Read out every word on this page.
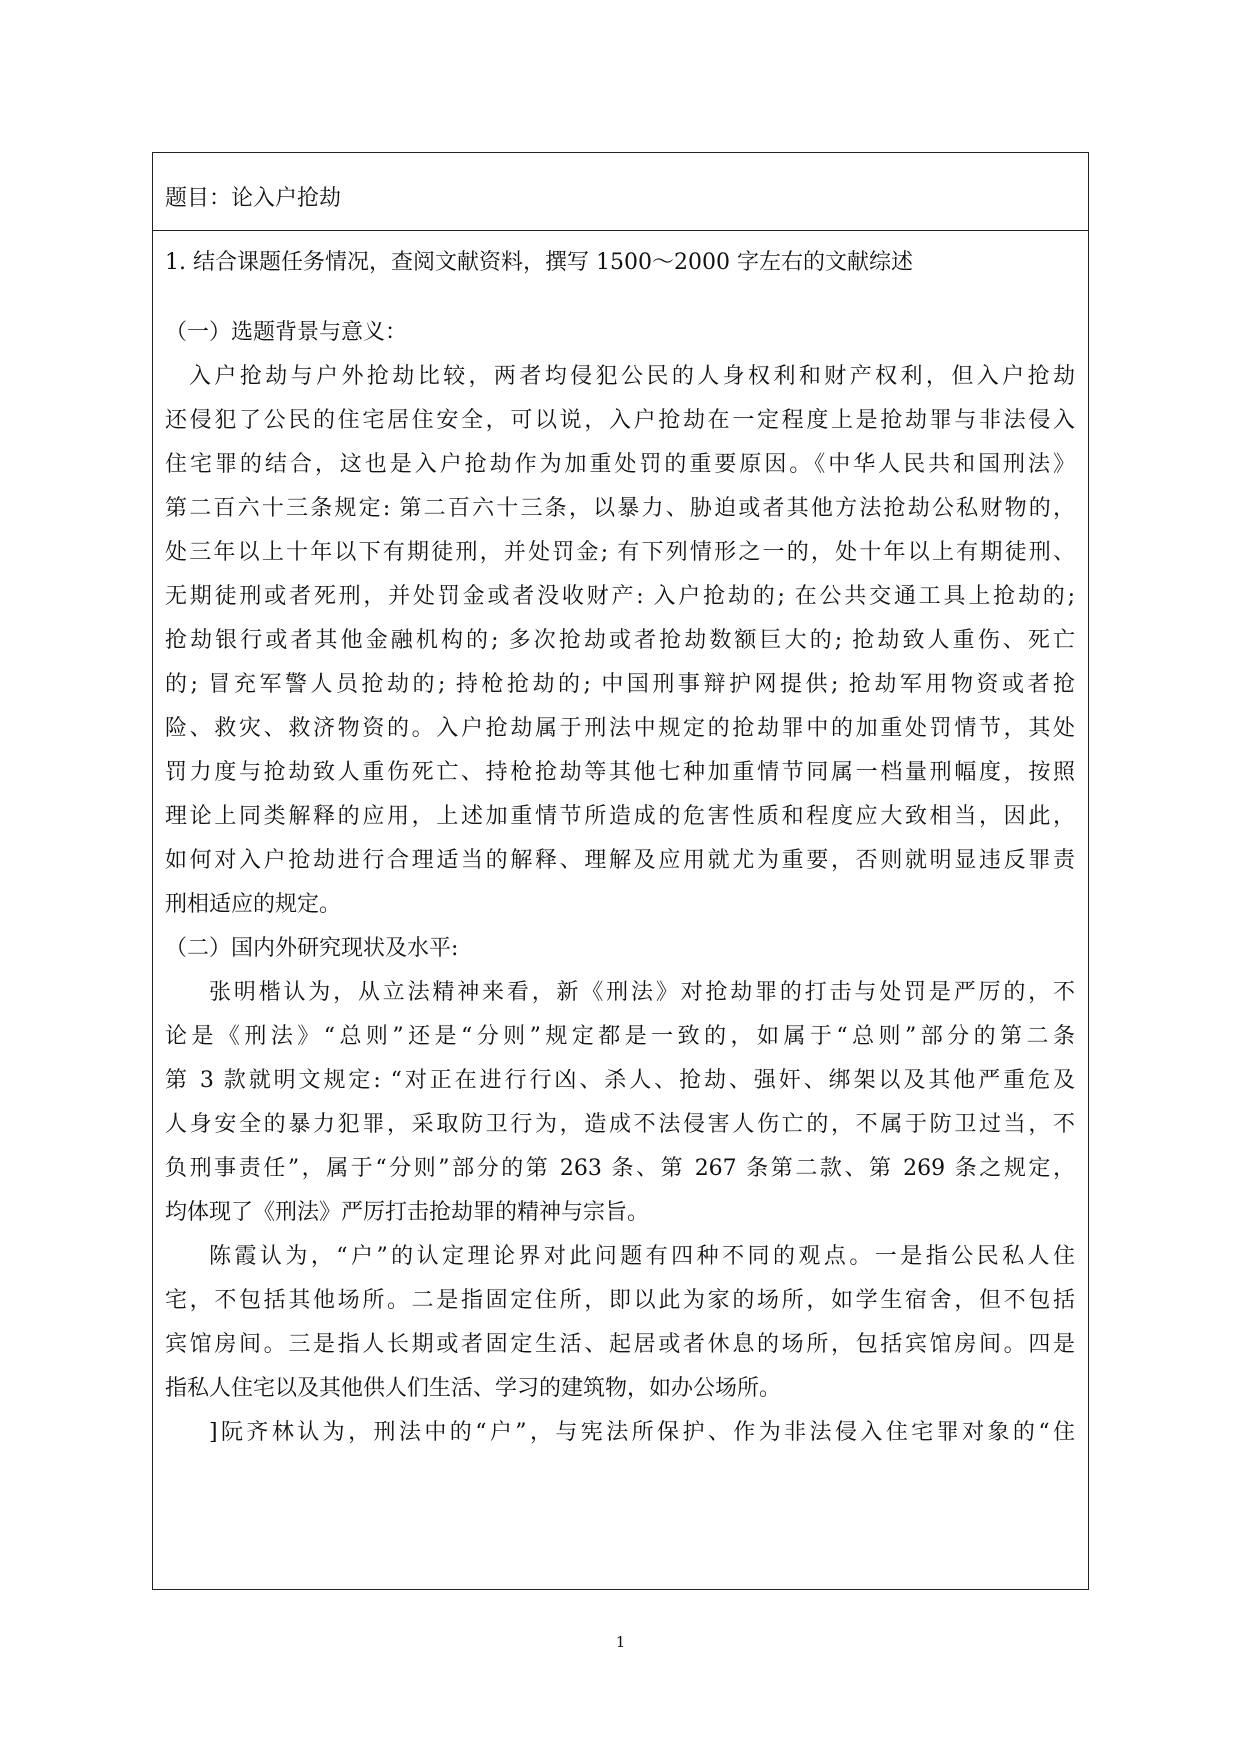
题目：论入户抢劫
1. 结合课题任务情况，查阅文献资料，撰写 1500～2000 字左右的文献综述
（一）选题背景与意义：
入户抢劫与户外抢劫比较，两者均侵犯公民的人身权利和财产权利，但入户抢劫
还侵犯了公民的住宅居住安全，可以说，入户抢劫在一定程度上是抢劫罪与非法侵入
住宅罪的结合，这也是入户抢劫作为加重处罚的重要原因。《中华人民共和国刑法》
第二百六十三条规定: 第二百六十三条，以暴力、胁迫或者其他方法抢劫公私财物的，
处三年以上十年以下有期徒刑，并处罚金; 有下列情形之一的，处十年以上有期徒刑、
无期徒刑或者死刑，并处罚金或者没收财产: 入户抢劫的; 在公共交通工具上抢劫的;
抢劫银行或者其他金融机构的; 多次抢劫或者抢劫数额巨大的; 抢劫致人重伤、死亡
的; 冒充军警人员抢劫的; 持枪抢劫的; 中国刑事辩护网提供; 抢劫军用物资或者抢
险、救灾、救济物资的。入户抢劫属于刑法中规定的抢劫罪中的加重处罚情节，其处
罚力度与抢劫致人重伤死亡、持枪抢劫等其他七种加重情节同属一档量刑幅度，按照
理论上同类解释的应用，上述加重情节所造成的危害性质和程度应大致相当，因此，
如何对入户抢劫进行合理适当的解释、理解及应用就尤为重要，否则就明显违反罪责
刑相适应的规定。
（二）国内外研究现状及水平:
张明楷认为，从立法精神来看，新《刑法》对抢劫罪的打击与处罚是严厉的，不
论是《刑法》“总则”还是“分则”规定都是一致的，如属于“总则”部分的第二条
第 3 款就明文规定: “对正在进行行凶、杀人、抢劫、强奸、绑架以及其他严重危及
人身安全的暴力犯罪，采取防卫行为，造成不法侵害人伤亡的，不属于防卫过当，不
负刑事责任”，属于“分则”部分的第 263 条、第 267 条第二款、第 269 条之规定，
均体现了《刑法》严厉打击抢劫罪的精神与宗旨。
陈霞认为，“户”的认定理论界对此问题有四种不同的观点。一是指公民私人住
宅，不包括其他场所。二是指固定住所，即以此为家的场所，如学生宿舍，但不包括
宾馆房间。三是指人长期或者固定生活、起居或者休息的场所，包括宾馆房间。四是
指私人住宅以及其他供人们生活、学习的建筑物，如办公场所。
]阮齐林认为，刑法中的“户”，与宪法所保护、作为非法侵入住宅罪对象的“住
1
